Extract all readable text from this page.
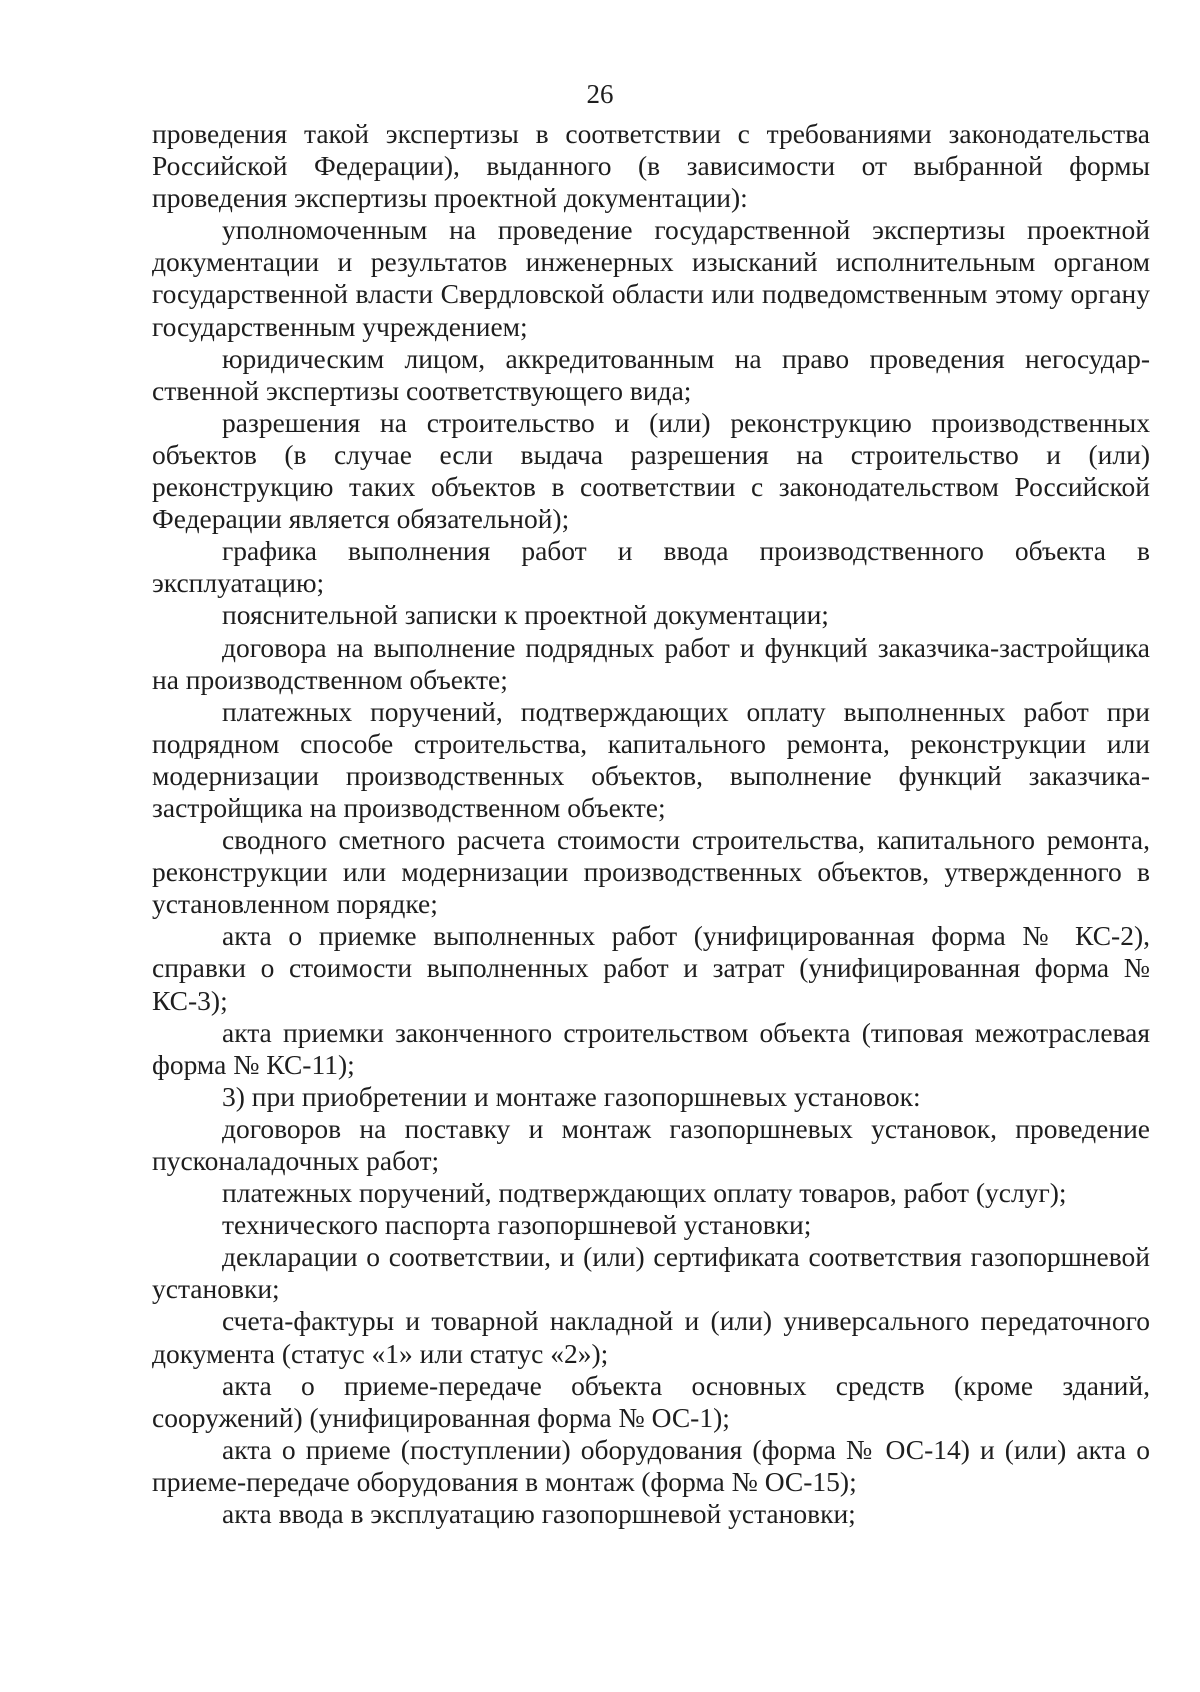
26

проведения такой экспертизы в соответствии с требованиями законодательства Российской Федерации), выданного (в зависимости от выбранной формы проведения экспертизы проектной документации):

уполномоченным на проведение государственной экспертизы проектной документации и результатов инженерных изысканий исполнительным органом государственной власти Свердловской области или подведомственным этому органу государственным учреждением;

юридическим лицом, аккредитованным на право проведения негосударственной экспертизы соответствующего вида;

разрешения на строительство и (или) реконструкцию производственных объектов (в случае если выдача разрешения на строительство и (или) реконструкцию таких объектов в соответствии с законодательством Российской Федерации является обязательной);

графика выполнения работ и ввода производственного объекта в эксплуатацию;

пояснительной записки к проектной документации;

договора на выполнение подрядных работ и функций заказчика-застройщика на производственном объекте;

платежных поручений, подтверждающих оплату выполненных работ при подрядном способе строительства, капитального ремонта, реконструкции или модернизации производственных объектов, выполнение функций заказчика-застройщика на производственном объекте;

сводного сметного расчета стоимости строительства, капитального ремонта, реконструкции или модернизации производственных объектов, утвержденного в установленном порядке;

акта о приемке выполненных работ (унифицированная форма № КС-2), справки о стоимости выполненных работ и затрат (унифицированная форма № КС-3);

акта приемки законченного строительством объекта (типовая межотраслевая форма № КС-11);

3) при приобретении и монтаже газопоршневых установок:

договоров на поставку и монтаж газопоршневых установок, проведение пусконаладочных работ;

платежных поручений, подтверждающих оплату товаров, работ (услуг);

технического паспорта газопоршневой установки;

декларации о соответствии, и (или) сертификата соответствия газопоршневой установки;

счета-фактуры и товарной накладной и (или) универсального передаточного документа (статус «1» или статус «2»);

акта о приеме-передаче объекта основных средств (кроме зданий, сооружений) (унифицированная форма № ОС-1);

акта о приеме (поступлении) оборудования (форма № ОС-14) и (или) акта о приеме-передаче оборудования в монтаж (форма № ОС-15);

акта ввода в эксплуатацию газопоршневой установки;
